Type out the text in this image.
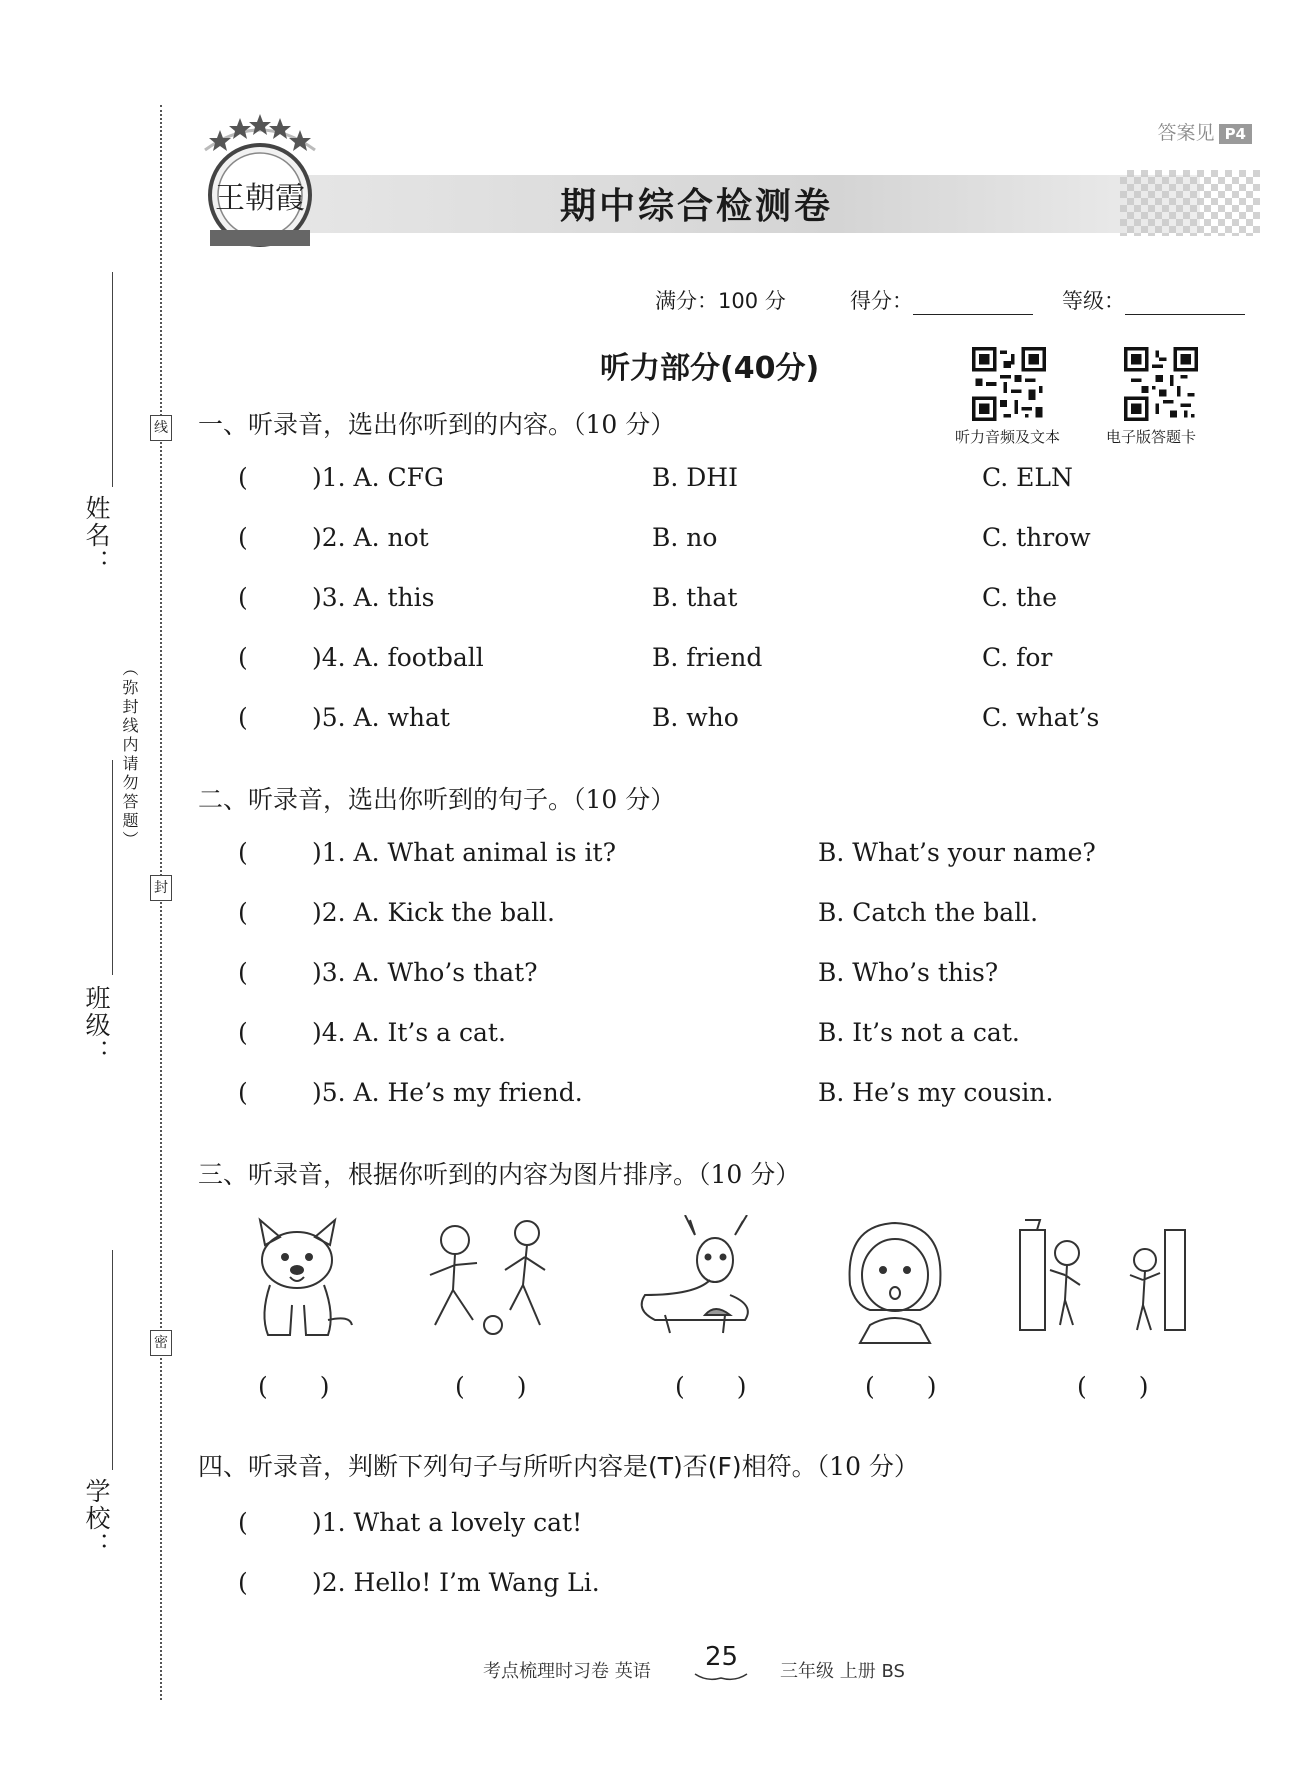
线
封
密
（弥封线内请勿答题）
姓名：
班级：
学校：
答案见 P4
王朝霞	期中综合检测卷
满分：100 分	得分：	等级：
听力部分(40分)
听力音频及文本	电子版答题卡
一、听录音，选出你听到的内容。（10 分）
(	)1. A. CFG	B. DHI	C. ELN
(	)2. A. not	B. no	C. throw
(	)3. A. this	B. that	C. the
(	)4. A. football	B. friend	C. for
(	)5. A. what	B. who	C. what’s
二、听录音，选出你听到的句子。（10 分）
(	)1. A. What animal is it?	B. What’s your name?
(	)2. A. Kick the ball.	B. Catch the ball.
(	)3. A. Who’s that?	B. Who’s this?
(	)4. A. It’s a cat.	B. It’s not a cat.
(	)5. A. He’s my friend.	B. He’s my cousin.
三、听录音，根据你听到的内容为图片排序。（10 分）
( )	( )	( )	( )	( )
四、听录音，判断下列句子与所听内容是(T)否(F)相符。（10 分）
(	)1. What a lovely cat!
(	)2. Hello! I’m Wang Li.
考点梳理时习卷 英语 25 三年级 上册 BS
